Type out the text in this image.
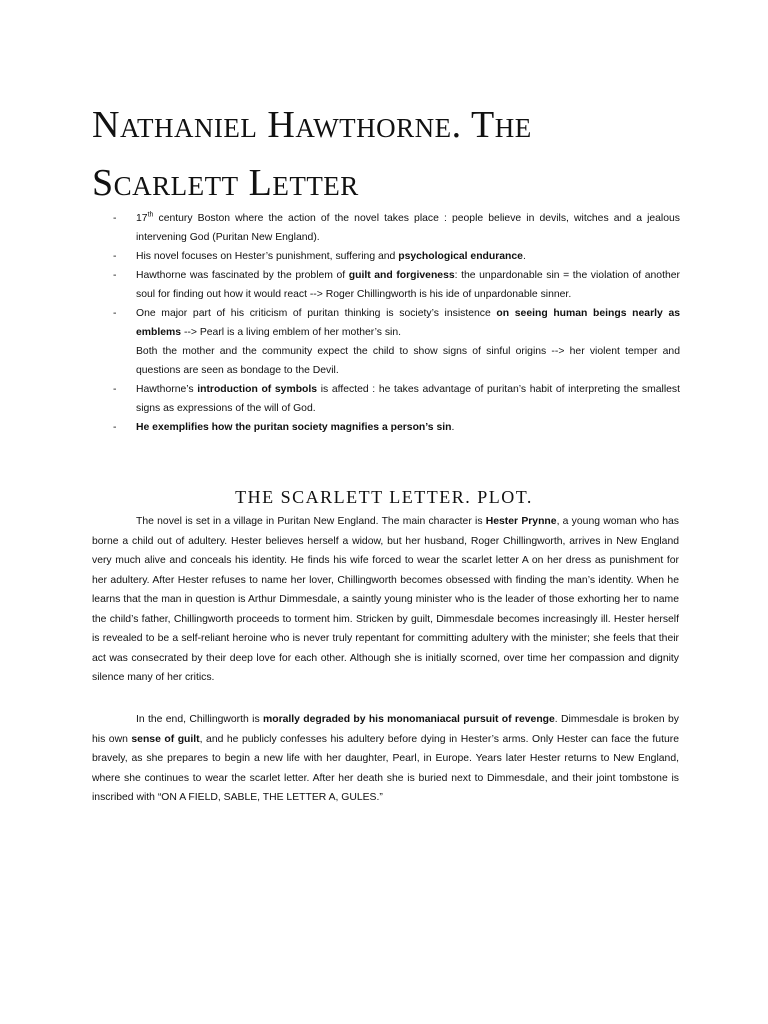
Nathaniel Hawthorne. The
Scarlett Letter
- 17th century Boston where the action of the novel takes place : people believe in devils, witches and a jealous intervening God (Puritan New England).
- His novel focuses on Hester’s punishment, suffering and psychological endurance.
- Hawthorne was fascinated by the problem of guilt and forgiveness: the unpardonable sin = the violation of another soul for finding out how it would react --> Roger Chillingworth is his ide of unpardonable sinner.
- One major part of his criticism of puritan thinking is society’s insistence on seeing human beings nearly as emblems --> Pearl is a living emblem of her mother’s sin.
Both the mother and the community expect the child to show signs of sinful origins --> her violent temper and questions are seen as bondage to the Devil.
- Hawthorne’s introduction of symbols is affected : he takes advantage of puritan’s habit of interpreting the smallest signs as expressions of the will of God.
- He exemplifies how the puritan society magnifies a person’s sin.
THE SCARLETT LETTER. PLOT.

The novel is set in a village in Puritan New England. The main character is Hester Prynne, a young woman who has borne a child out of adultery. Hester believes herself a widow, but her husband, Roger Chillingworth, arrives in New England very much alive and conceals his identity. He finds his wife forced to wear the scarlet letter A on her dress as punishment for her adultery. After Hester refuses to name her lover, Chillingworth becomes obsessed with finding the man’s identity. When he learns that the man in question is Arthur Dimmesdale, a saintly young minister who is the leader of those exhorting her to name the child’s father, Chillingworth proceeds to torment him. Stricken by guilt, Dimmesdale becomes increasingly ill. Hester herself is revealed to be a self-reliant heroine who is never truly repentant for committing adultery with the minister; she feels that their act was consecrated by their deep love for each other. Although she is initially scorned, over time her compassion and dignity silence many of her critics.

In the end, Chillingworth is morally degraded by his monomaniacal pursuit of revenge. Dimmesdale is broken by his own sense of guilt, and he publicly confesses his adultery before dying in Hester’s arms. Only Hester can face the future bravely, as she prepares to begin a new life with her daughter, Pearl, in Europe. Years later Hester returns to New England, where she continues to wear the scarlet letter. After her death she is buried next to Dimmesdale, and their joint tombstone is inscribed with “ON A FIELD, SABLE, THE LETTER A, GULES.”
